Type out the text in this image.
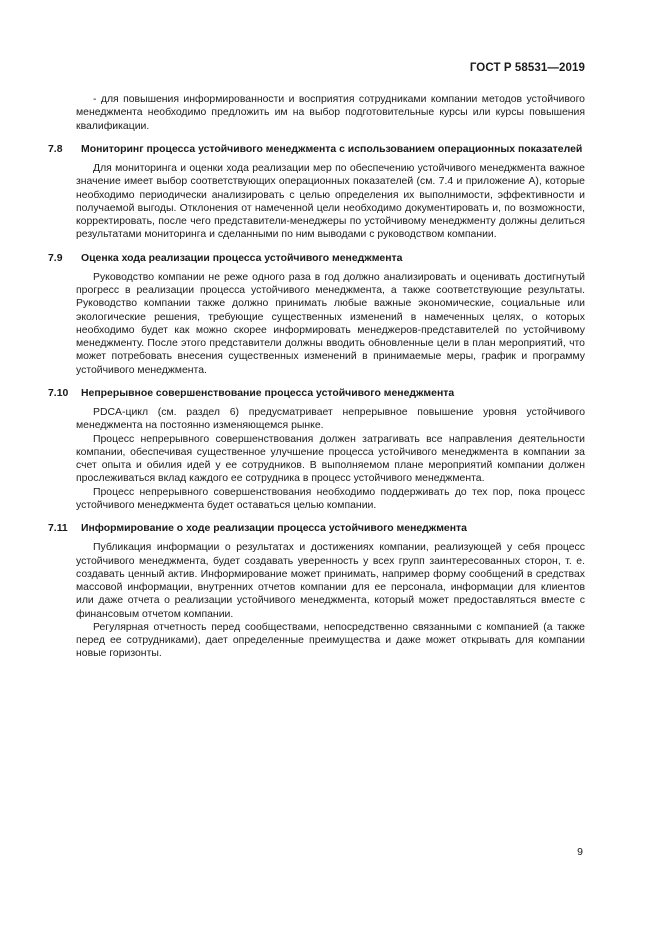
ГОСТ Р 58531—2019

- для повышения информированности и восприятия сотрудниками компании методов устойчивого менеджмента необходимо предложить им на выбор подготовительные курсы или курсы повышения квалификации.

7.8 Мониторинг процесса устойчивого менеджмента с использованием операционных показателей

Для мониторинга и оценки хода реализации мер по обеспечению устойчивого менеджмента важное значение имеет выбор соответствующих операционных показателей (см. 7.4 и приложение А), которые необходимо периодически анализировать с целью определения их выполнимости, эффективности и получаемой выгоды. Отклонения от намеченной цели необходимо документировать и, по возможности, корректировать, после чего представители-менеджеры по устойчивому менеджменту должны делиться результатами мониторинга и сделанными по ним выводами с руководством компании.

7.9 Оценка хода реализации процесса устойчивого менеджмента

Руководство компании не реже одного раза в год должно анализировать и оценивать достигнутый прогресс в реализации процесса устойчивого менеджмента, а также соответствующие результаты. Руководство компании также должно принимать любые важные экономические, социальные или экологические решения, требующие существенных изменений в намеченных целях, о которых необходимо будет как можно скорее информировать менеджеров-представителей по устойчивому менеджменту. После этого представители должны вводить обновленные цели в план мероприятий, что может потребовать внесения существенных изменений в принимаемые меры, график и программу устойчивого менеджмента.

7.10 Непрерывное совершенствование процесса устойчивого менеджмента

PDCA-цикл (см. раздел 6) предусматривает непрерывное повышение уровня устойчивого менеджмента на постоянно изменяющемся рынке.

Процесс непрерывного совершенствования должен затрагивать все направления деятельности компании, обеспечивая существенное улучшение процесса устойчивого менеджмента в компании за счет опыта и обилия идей у ее сотрудников. В выполняемом плане мероприятий компании должен прослеживаться вклад каждого ее сотрудника в процесс устойчивого менеджмента.

Процесс непрерывного совершенствования необходимо поддерживать до тех пор, пока процесс устойчивого менеджмента будет оставаться целью компании.

7.11 Информирование о ходе реализации процесса устойчивого менеджмента

Публикация информации о результатах и достижениях компании, реализующей у себя процесс устойчивого менеджмента, будет создавать уверенность у всех групп заинтересованных сторон, т. е. создавать ценный актив. Информирование может принимать, например форму сообщений в средствах массовой информации, внутренних отчетов компании для ее персонала, информации для клиентов или даже отчета о реализации устойчивого менеджмента, который может предоставляться вместе с финансовым отчетом компании.

Регулярная отчетность перед сообществами, непосредственно связанными с компанией (а также перед ее сотрудниками), дает определенные преимущества и даже может открывать для компании новые горизонты.

9
